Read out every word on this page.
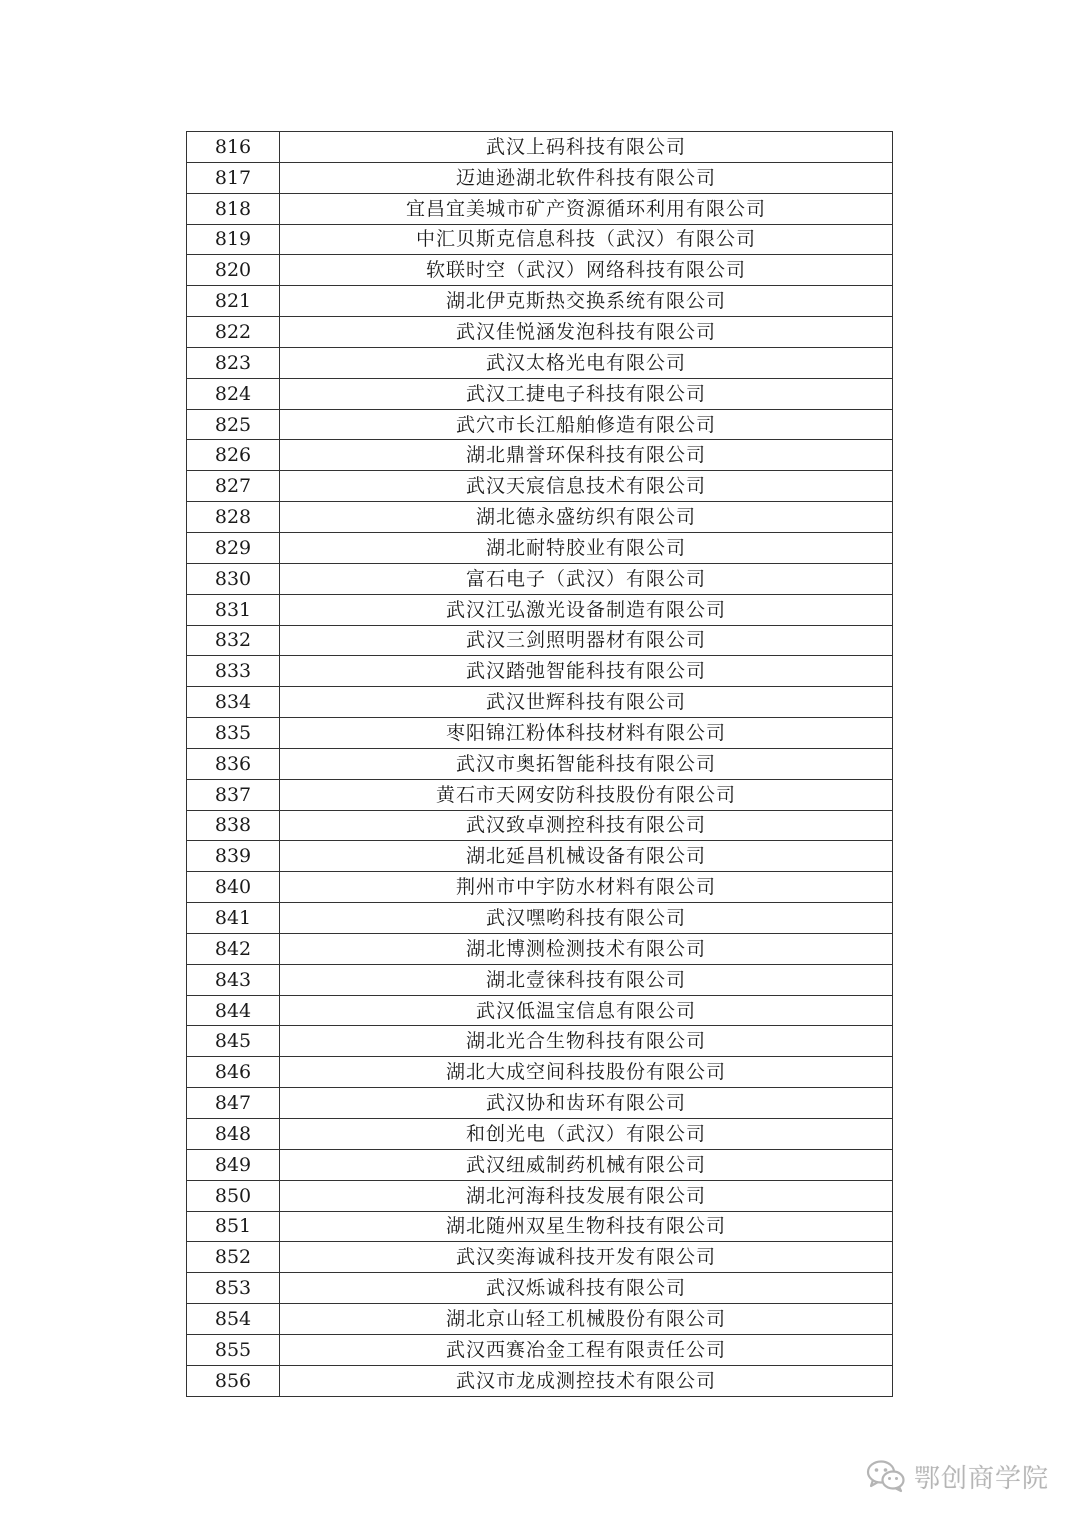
816	武汉上码科技有限公司
817	迈迪逊湖北软件科技有限公司
818	宜昌宜美城市矿产资源循环利用有限公司
819	中汇贝斯克信息科技（武汉）有限公司
820	软联时空（武汉）网络科技有限公司
821	湖北伊克斯热交换系统有限公司
822	武汉佳悦涵发泡科技有限公司
823	武汉太格光电有限公司
824	武汉工捷电子科技有限公司
825	武穴市长江船舶修造有限公司
826	湖北鼎誉环保科技有限公司
827	武汉天宸信息技术有限公司
828	湖北德永盛纺织有限公司
829	湖北耐特胶业有限公司
830	富石电子（武汉）有限公司
831	武汉江弘激光设备制造有限公司
832	武汉三剑照明器材有限公司
833	武汉踏弛智能科技有限公司
834	武汉世辉科技有限公司
835	枣阳锦江粉体科技材料有限公司
836	武汉市奥拓智能科技有限公司
837	黄石市天网安防科技股份有限公司
838	武汉致卓测控科技有限公司
839	湖北延昌机械设备有限公司
840	荆州市中宇防水材料有限公司
841	武汉嘿哟科技有限公司
842	湖北博测检测技术有限公司
843	湖北壹徕科技有限公司
844	武汉低温宝信息有限公司
845	湖北光合生物科技有限公司
846	湖北大成空间科技股份有限公司
847	武汉协和齿环有限公司
848	和创光电（武汉）有限公司
849	武汉纽威制药机械有限公司
850	湖北河海科技发展有限公司
851	湖北随州双星生物科技有限公司
852	武汉奕海诚科技开发有限公司
853	武汉烁诚科技有限公司
854	湖北京山轻工机械股份有限公司
855	武汉西赛冶金工程有限责任公司
856	武汉市龙成测控技术有限公司
鄂创商学院
